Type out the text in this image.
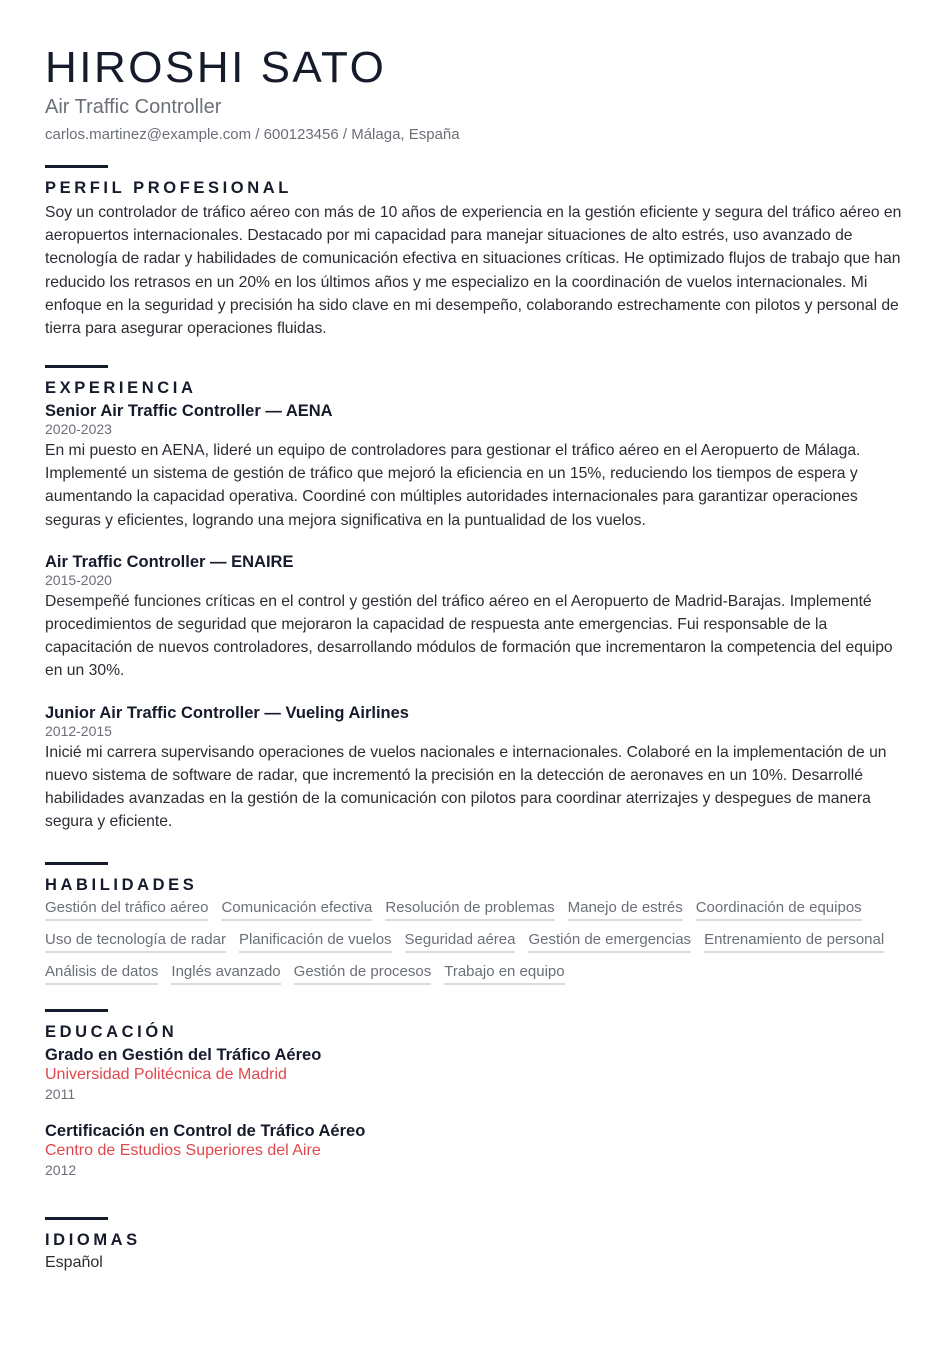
HIROSHI SATO
Air Traffic Controller
carlos.martinez@example.com / 600123456 / Málaga, España
PERFIL PROFESIONAL

Soy un controlador de tráfico aéreo con más de 10 años de experiencia en la gestión eficiente y segura del tráfico aéreo en aeropuertos internacionales. Destacado por mi capacidad para manejar situaciones de alto estrés, uso avanzado de tecnología de radar y habilidades de comunicación efectiva en situaciones críticas. He optimizado flujos de trabajo que han reducido los retrasos en un 20% en los últimos años y me especializo en la coordinación de vuelos internacionales. Mi enfoque en la seguridad y precisión ha sido clave en mi desempeño, colaborando estrechamente con pilotos y personal de tierra para asegurar operaciones fluidas.

EXPERIENCIA
Senior Air Traffic Controller — AENA
2020-2023

En mi puesto en AENA, lideré un equipo de controladores para gestionar el tráfico aéreo en el Aeropuerto de Málaga. Implementé un sistema de gestión de tráfico que mejoró la eficiencia en un 15%, reduciendo los tiempos de espera y aumentando la capacidad operativa. Coordiné con múltiples autoridades internacionales para garantizar operaciones seguras y eficientes, logrando una mejora significativa en la puntualidad de los vuelos.

Air Traffic Controller — ENAIRE
2015-2020

Desempeñé funciones críticas en el control y gestión del tráfico aéreo en el Aeropuerto de Madrid-Barajas. Implementé procedimientos de seguridad que mejoraron la capacidad de respuesta ante emergencias. Fui responsable de la capacitación de nuevos controladores, desarrollando módulos de formación que incrementaron la competencia del equipo en un 30%.

Junior Air Traffic Controller — Vueling Airlines
2012-2015

Inicié mi carrera supervisando operaciones de vuelos nacionales e internacionales. Colaboré en la implementación de un nuevo sistema de software de radar, que incrementó la precisión en la detección de aeronaves en un 10%. Desarrollé habilidades avanzadas en la gestión de la comunicación con pilotos para coordinar aterrizajes y despegues de manera segura y eficiente.

HABILIDADES
Gestión del tráfico aéreo Comunicación efectiva Resolución de problemas Manejo de estrés Coordinación de equipos
Uso de tecnología de radar Planificación de vuelos Seguridad aérea Gestión de emergencias Entrenamiento de personal
Análisis de datos Inglés avanzado Gestión de procesos Trabajo en equipo
EDUCACIÓN
Grado en Gestión del Tráfico Aéreo
Universidad Politécnica de Madrid
2011
Certificación en Control de Tráfico Aéreo
Centro de Estudios Superiores del Aire
2012
IDIOMAS
Español
